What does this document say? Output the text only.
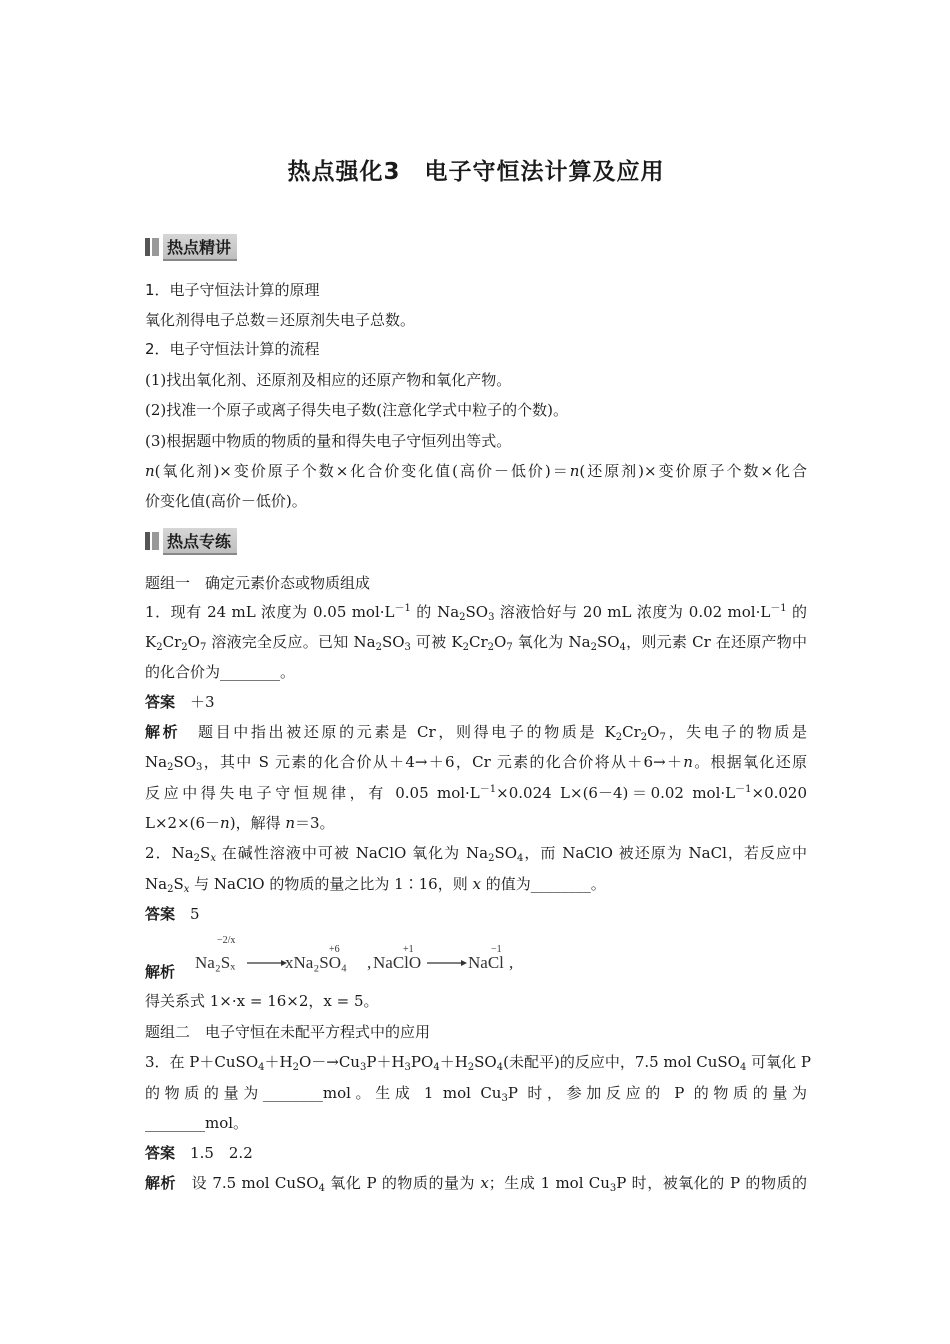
热点强化3　电子守恒法计算及应用
热点精讲
1．电子守恒法计算的原理
氧化剂得电子总数＝还原剂失电子总数。
2．电子守恒法计算的流程
(1)找出氧化剂、还原剂及相应的还原产物和氧化产物。
(2)找准一个原子或离子得失电子数(注意化学式中粒子的个数)。
(3)根据题中物质的物质的量和得失电子守恒列出等式。
n(氧化剂)×变价原子个数×化合价变化值(高价－低价)＝n(还原剂)×变价原子个数×化合
价变化值(高价－低价)。
热点专练
题组一　确定元素价态或物质组成
1．现有 24 mL 浓度为 0.05 $mol\cdot L^{-1}$ 的 $Na_2SO_3$ 溶液恰好与 20 mL 浓度为 0.02 $mol\cdot L^{-1}$ 的
$K_2Cr_2O_7$ 溶液完全反应。已知 $Na_2SO_3$ 可被 $K_2Cr_2O_7$ 氧化为 $Na_2SO_4$，则元素 Cr 在还原产物中
的化合价为________。
答案　 ＋3
解析　题目中指出被还原的元素是 Cr，则得电子的物质是 $K_2Cr_2O_7$，失电子的物质是
$Na_2SO_3$，其中 S 元素的化合价从＋4→＋6，Cr 元素的化合价将从＋6→＋n。根据氧化还原
反应中得失电子守恒规律，有 0.05 $mol\cdot L^{-1}\times 0.024$ L×(6－4)＝0.02 $mol\cdot L^{-1}\times 0.020$
L×2×(6－n)，解得 n＝3。
2．$Na_2S_x$ 在碱性溶液中可被 NaClO 氧化为 $Na_2SO_4$，而 NaClO 被还原为 NaCl，若反应中
$Na_2S_x$ 与 NaClO 的物质的量之比为 1∶16，则 x 的值为________。
答案　 5
解析
−2/x
Na₂Sₓ
+6
xNa₂SO₄ ,
+1
NaClO
−1
NaCl ,
得关系式 1×·x = 16×2，x = 5。
题组二　电子守恒在未配平方程式中的应用
3．在 $P+CuSO_4+H_2O-\to Cu_3P+H_3PO_4+H_2SO_4$(未配平)的反应中，7.5 mol CuSO$_4$ 可氧化 P
的物质的量为________mol。生成 1 mol $Cu_3P$ 时，参加反应的 P 的物质的量为
________mol。
答案　 1.5　2.2
解析　设 7.5 mol CuSO$_4$ 氧化 P 的物质的量为 x；生成 1 mol $Cu_3P$ 时，被氧化的 P 的物质的
